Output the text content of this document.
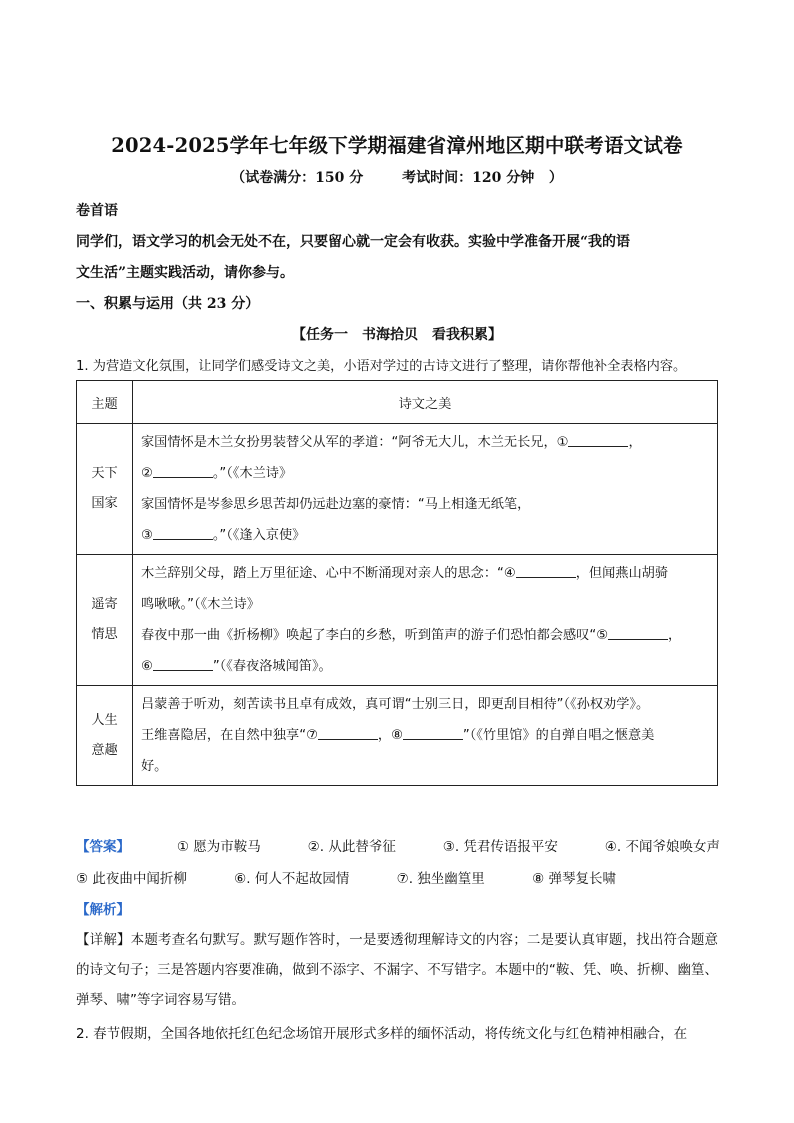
2024-2025学年七年级下学期福建省漳州地区期中联考语文试卷
（试卷满分：150 分        考试时间：120 分钟   ）
卷首语
同学们，语文学习的机会无处不在，只要留心就一定会有收获。实验中学准备开展“我的语
文生活”主题实践活动，请你参与。
一、积累与运用（共 23 分）
【任务一　书海拾贝　看我积累】
1. 为营造文化氛围，让同学们感受诗文之美，小语对学过的古诗文进行了整理，请你帮他补全表格内容。
主题	诗文之美
天下国家	家国情怀是木兰女扮男装替父从军的孝道：“阿爷无大儿，木兰无长兄，① ，

② 。”（《木兰诗》

家国情怀是岑参思乡思苦却仍远赴边塞的豪情：“马上相逢无纸笔，

③ 。”（《逢入京使》

遥寄情思	木兰辞别父母，踏上万里征途、心中不断涌现对亲人的思念：“④ ，但闻燕山胡骑

鸣啾啾。”（《木兰诗》

春夜中那一曲《折杨柳》唤起了李白的乡愁，听到笛声的游子们恐怕都会感叹“⑤ ，

⑥ ”（《春夜洛城闻笛》。

人生意趣	吕蒙善于听劝，刻苦读书且卓有成效，真可谓“士别三日，即更刮目相待”（《孙权劝学》。

王维喜隐居，在自然中独享“⑦ ，⑧ ”（《竹里馆》的自弹自唱之惬意美

好。

【答案】	① 愿为市鞍马	②. 从此替爷征	③. 凭君传语报平安	④. 不闻爷娘唤女声
⑤ 此夜曲中闻折柳	⑥. 何人不起故园情	⑦. 独坐幽篁里	⑧ 弹琴复长啸
【解析】
【详解】本题考查名句默写。默写题作答时，一是要透彻理解诗文的内容；二是要认真审题，找出符合题意的诗文句子；三是答题内容要准确，做到不添字、不漏字、不写错字。本题中的“鞍、凭、唤、折柳、幽篁、弹琴、啸”等字词容易写错。
2. 春节假期，全国各地依托红色纪念场馆开展形式多样的缅怀活动，将传统文化与红色精神相融合，在
